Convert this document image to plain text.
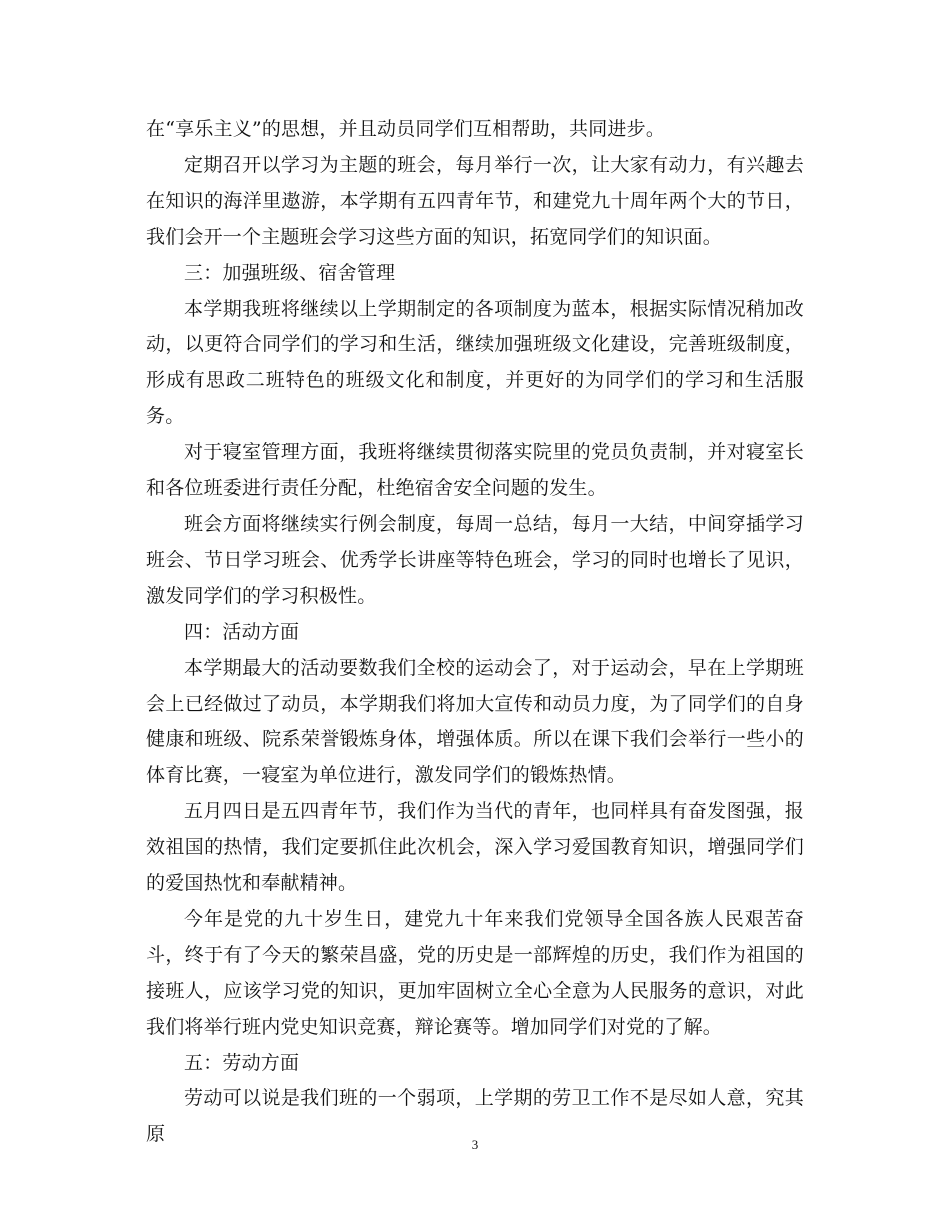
在“享乐主义”的思想，并且动员同学们互相帮助，共同进步。

定期召开以学习为主题的班会，每月举行一次，让大家有动力，有兴趣去在知识的海洋里遨游，本学期有五四青年节，和建党九十周年两个大的节日，我们会开一个主题班会学习这些方面的知识，拓宽同学们的知识面。

三：加强班级、宿舍管理

本学期我班将继续以上学期制定的各项制度为蓝本，根据实际情况稍加改动，以更符合同学们的学习和生活，继续加强班级文化建设，完善班级制度，形成有思政二班特色的班级文化和制度，并更好的为同学们的学习和生活服务。

对于寝室管理方面，我班将继续贯彻落实院里的党员负责制，并对寝室长和各位班委进行责任分配，杜绝宿舍安全问题的发生。

班会方面将继续实行例会制度，每周一总结，每月一大结，中间穿插学习班会、节日学习班会、优秀学长讲座等特色班会，学习的同时也增长了见识，激发同学们的学习积极性。

四：活动方面

本学期最大的活动要数我们全校的运动会了，对于运动会，早在上学期班会上已经做过了动员，本学期我们将加大宣传和动员力度，为了同学们的自身健康和班级、院系荣誉锻炼身体，增强体质。所以在课下我们会举行一些小的体育比赛，一寝室为单位进行，激发同学们的锻炼热情。

五月四日是五四青年节，我们作为当代的青年，也同样具有奋发图强，报效祖国的热情，我们定要抓住此次机会，深入学习爱国教育知识，增强同学们的爱国热忱和奉献精神。

今年是党的九十岁生日，建党九十年来我们党领导全国各族人民艰苦奋斗，终于有了今天的繁荣昌盛，党的历史是一部辉煌的历史，我们作为祖国的接班人，应该学习党的知识，更加牢固树立全心全意为人民服务的意识，对此我们将举行班内党史知识竞赛，辩论赛等。增加同学们对党的了解。

五：劳动方面

劳动可以说是我们班的一个弱项，上学期的劳卫工作不是尽如人意，究其原	3
